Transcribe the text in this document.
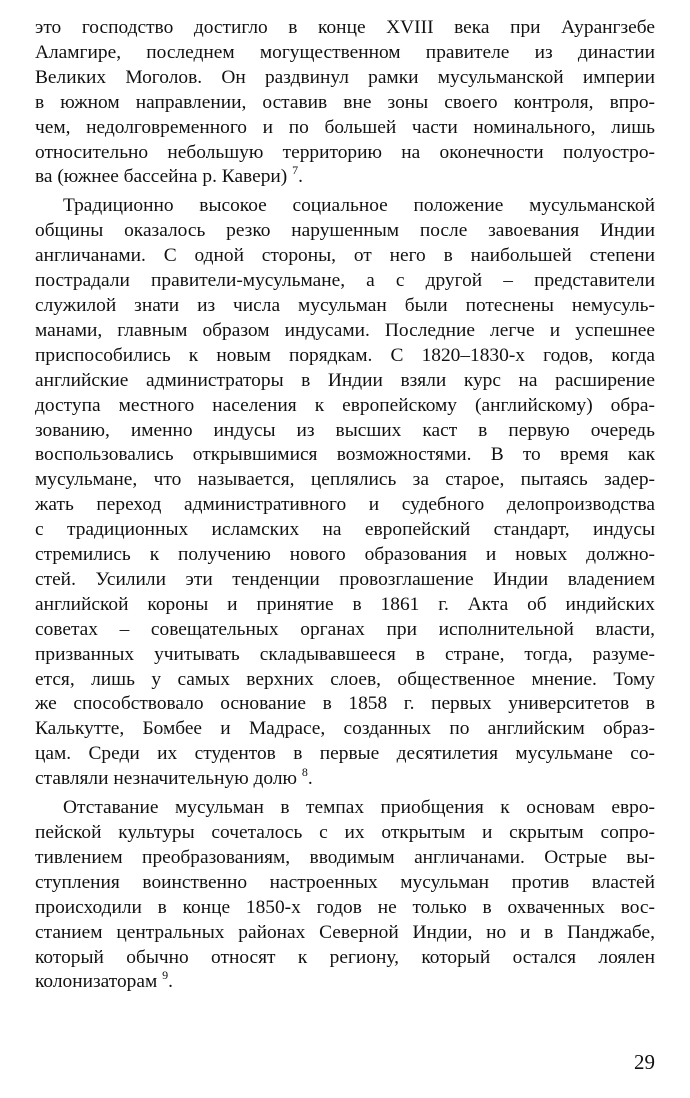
это господство достигло в конце XVIII века при Аурангзебе
Аламгире, последнем могущественном правителе из династии
Великих Моголов. Он раздвинул рамки мусульманской империи
в южном направлении, оставив вне зоны своего контроля, впро-
чем, недолговременного и по большей части номинального, лишь
относительно небольшую территорию на оконечности полуостро-
ва (южнее бассейна р. Кавери) $^7$.

Традиционно высокое социальное положение мусульманской
общины оказалось резко нарушенным после завоевания Индии
англичанами. С одной стороны, от него в наибольшей степени
пострадали правители-мусульмане, а с другой – представители
служилой знати из числа мусульман были потеснены немусуль-
манами, главным образом индусами. Последние легче и успешнее
приспособились к новым порядкам. С 1820–1830-х годов, когда
английские администраторы в Индии взяли курс на расширение
доступа местного населения к европейскому (английскому) обра-
зованию, именно индусы из высших каст в первую очередь
воспользовались открывшимися возможностями. В то время как
мусульмане, что называется, цеплялись за старое, пытаясь задер-
жать переход административного и судебного делопроизводства
с традиционных исламских на европейский стандарт, индусы
стремились к получению нового образования и новых должно-
стей. Усилили эти тенденции провозглашение Индии владением
английской короны и принятие в 1861 г. Акта об индийских
советах – совещательных органах при исполнительной власти,
призванных учитывать складывавшееся в стране, тогда, разуме-
ется, лишь у самых верхних слоев, общественное мнение. Тому
же способствовало основание в 1858 г. первых университетов в
Калькутте, Бомбее и Мадрасе, созданных по английским образ-
цам. Среди их студентов в первые десятилетия мусульмане со-
ставляли незначительную долю $^8$.

Отставание мусульман в темпах приобщения к основам евро-
пейской культуры сочеталось с их открытым и скрытым сопро-
тивлением преобразованиям, вводимым англичанами. Острые вы-
ступления воинственно настроенных мусульман против властей
происходили в конце 1850-х годов не только в охваченных вос-
станием центральных районах Северной Индии, но и в Панджабе,
который обычно относят к региону, который остался лоялен
колонизаторам $^9$.

29
